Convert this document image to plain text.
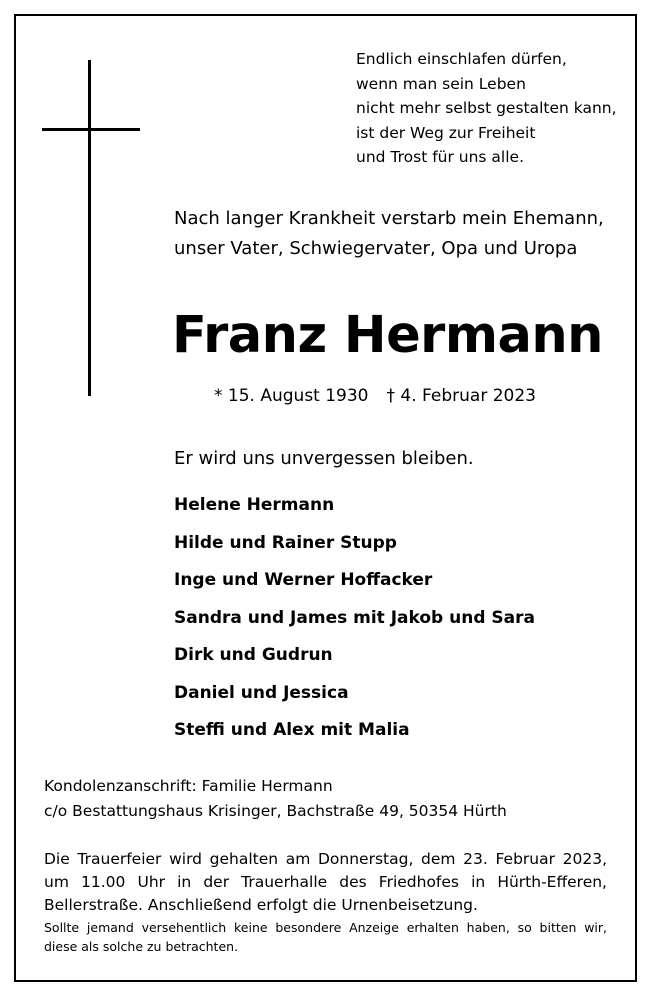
Endlich einschlafen dürfen,
wenn man sein Leben
nicht mehr selbst gestalten kann,
ist der Weg zur Freiheit
und Trost für uns alle.
Nach langer Krankheit verstarb mein Ehemann,
unser Vater, Schwiegervater, Opa und Uropa
Franz Hermann
* 15. August 1930 † 4. Februar 2023
Er wird uns unvergessen bleiben.
Helene Hermann
Hilde und Rainer Stupp
Inge und Werner Hoffacker
Sandra und James mit Jakob und Sara
Dirk und Gudrun
Daniel und Jessica
Steffi und Alex mit Malia
Kondolenzanschrift: Familie Hermann
c/o Bestattungshaus Krisinger, Bachstraße 49, 50354 Hürth
Die Trauerfeier wird gehalten am Donnerstag, dem 23. Februar 2023,
um 11.00 Uhr in der Trauerhalle des Friedhofes in Hürth-Efferen,
Bellerstraße. Anschließend erfolgt die Urnenbeisetzung.
Sollte jemand versehentlich keine besondere Anzeige erhalten haben, so bitten wir,
diese als solche zu betrachten.
